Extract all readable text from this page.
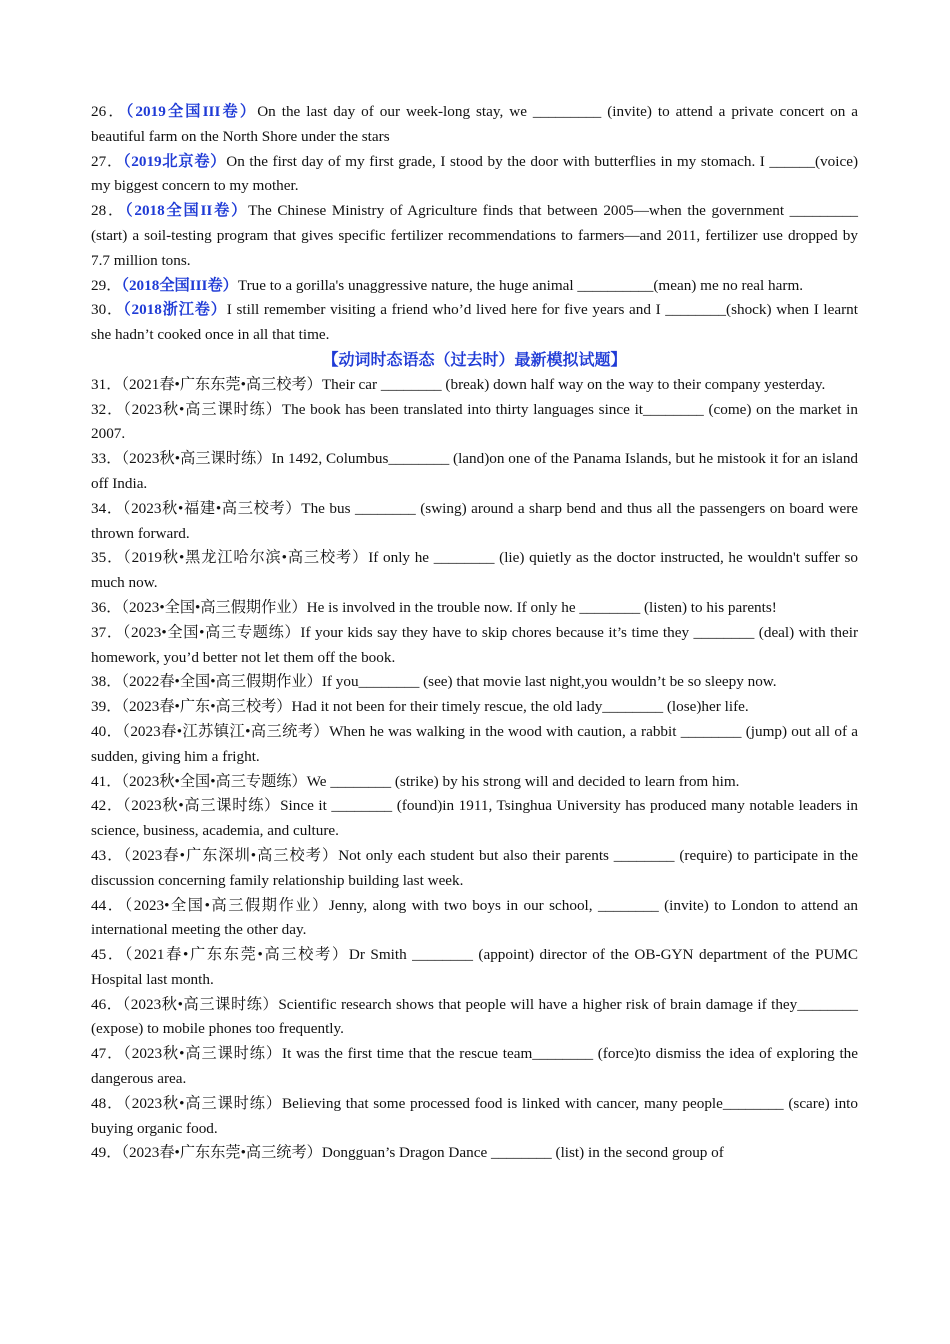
26．（2019全国III卷）On the last day of our week-long stay, we _________ (invite) to attend a private concert on a beautiful farm on the North Shore under the stars

27．（2019北京卷）On the first day of my first grade, I stood by the door with butterflies in my stomach. I ______(voice) my biggest concern to my mother.

28．（2018全国II卷）The Chinese Ministry of Agriculture finds that between 2005—when the government _________ (start) a soil-testing program that gives specific fertilizer recommendations to farmers—and 2011, fertilizer use dropped by 7.7 million tons.

29．（2018全国III卷）True to a gorilla's unaggressive nature, the huge animal __________(mean) me no real harm.

30．（2018浙江卷）I still remember visiting a friend who’d lived here for five years and I ________(shock) when I learnt she hadn’t cooked once in all that time.

【动词时态语态（过去时）最新模拟试题】

31．（2021春•广东东莞•高三校考）Their car ________ (break) down half way on the way to their company yesterday.

32．（2023秋•高三课时练）The book has been translated into thirty languages since it________ (come) on the market in 2007.

33．（2023秋•高三课时练）In 1492, Columbus________ (land)on one of the Panama Islands, but he mistook it for an island off India.

34．（2023秋•福建•高三校考）The bus ________ (swing) around a sharp bend and thus all the passengers on board were thrown forward.

35．（2019秋•黑龙江哈尔滨•高三校考）If only he ________ (lie) quietly as the doctor instructed, he wouldn't suffer so much now.

36．（2023•全国•高三假期作业）He is involved in the trouble now. If only he ________ (listen) to his parents!

37．（2023•全国•高三专题练）If your kids say they have to skip chores because it’s time they ________ (deal) with their homework, you’d better not let them off the book.

38．（2022春•全国•高三假期作业）If you________ (see) that movie last night,you wouldn’t be so sleepy now.

39．（2023春•广东•高三校考）Had it not been for their timely rescue, the old lady________ (lose)her life.

40．（2023春•江苏镇江•高三统考）When he was walking in the wood with caution, a rabbit ________ (jump) out all of a sudden, giving him a fright.

41．（2023秋•全国•高三专题练）We ________ (strike) by his strong will and decided to learn from him.

42．（2023秋•高三课时练）Since it ________ (found)in 1911, Tsinghua University has produced many notable leaders in science, business, academia, and culture.

43．（2023春•广东深圳•高三校考）Not only each student but also their parents ________ (require) to participate in the discussion concerning family relationship building last week.

44．（2023•全国•高三假期作业）Jenny, along with two boys in our school, ________ (invite) to London to attend an international meeting the other day.

45．（2021春•广东东莞•高三校考）Dr Smith ________ (appoint) director of the OB-GYN department of the PUMC Hospital last month.

46．（2023秋•高三课时练）Scientific research shows that people will have a higher risk of brain damage if they________ (expose) to mobile phones too frequently.

47．（2023秋•高三课时练）It was the first time that the rescue team________ (force)to dismiss the idea of exploring the dangerous area.

48．（2023秋•高三课时练）Believing that some processed food is linked with cancer, many people________ (scare) into buying organic food.

49．（2023春•广东东莞•高三统考）Dongguan’s Dragon Dance ________ (list) in the second group of
